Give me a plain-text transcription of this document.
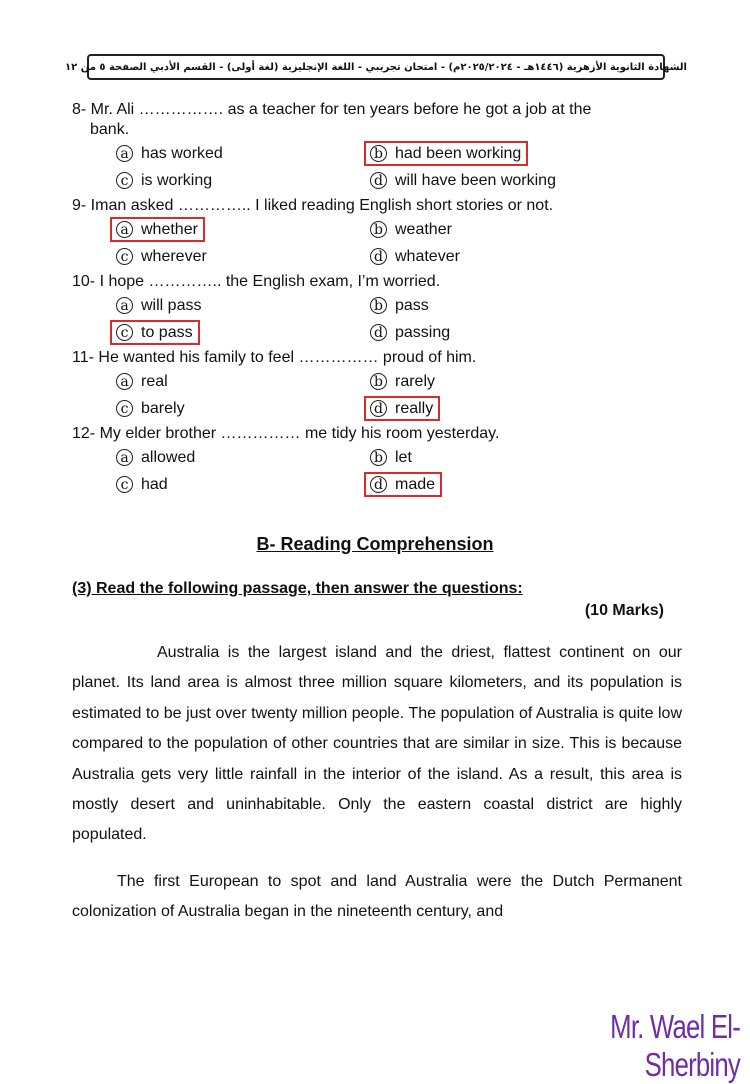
الشهادة الثانوية الأزهرية (١٤٤٦هـ - ٢٠٢٥/٢٠٢٤م) - امتحان تجريبي - اللغة الإنجليزية (لغة أولى) - القسم الأدبي الصفحة ٥ من ١٢
8- Mr. Ali ……………. as a teacher for ten years before he got a job at the
bank.
a has worked	b had been working
c is working	d will have been working
9- Iman asked ………….. I liked reading English short stories or not.
a whether	b weather
c wherever	d whatever
10- I hope ………….. the English exam, I’m worried.
a will pass	b pass
c to pass	d passing
11- He wanted his family to feel …………… proud of him.
a real	b rarely
c barely	d really
12- My elder brother …………… me tidy his room yesterday.
a allowed	b let
c had	d made
B- Reading Comprehension
(3) Read the following passage, then answer the questions:
(10 Marks)

Australia is the largest island and the driest, flattest continent on our planet. Its land area is almost three million square kilometers, and its population is estimated to be just over twenty million people. The population of Australia is quite low compared to the population of other countries that are similar in size. This is because Australia gets very little rainfall in the interior of the island. As a result, this area is mostly desert and uninhabitable. Only the eastern coastal district are highly populated.

The first European to spot and land Australia were the Dutch Permanent colonization of Australia began in the nineteenth century, and

Mr. Wael El-Sherbiny
